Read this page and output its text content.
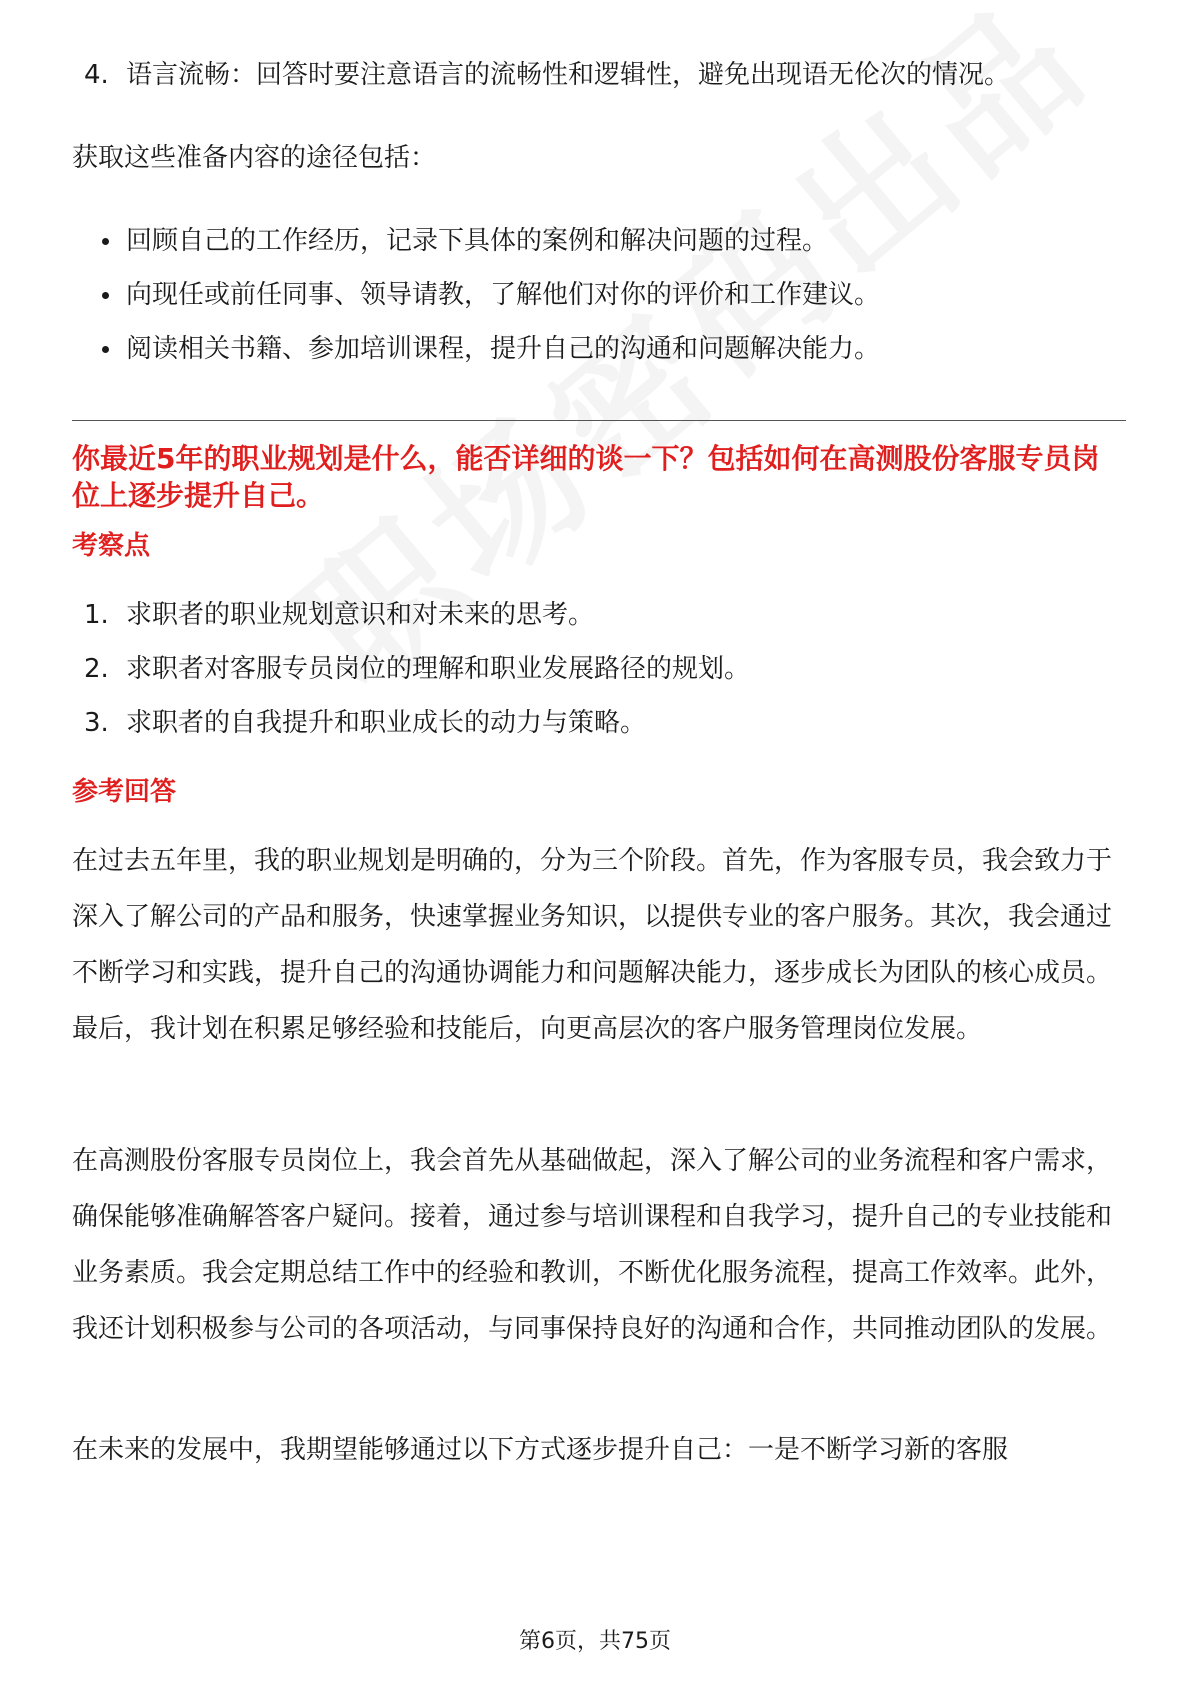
4. 语言流畅：回答时要注意语言的流畅性和逻辑性，避免出现语无伦次的情况。

获取这些准备内容的途径包括：

回顾自己的工作经历，记录下具体的案例和解决问题的过程。

向现任或前任同事、领导请教，了解他们对你的评价和工作建议。

阅读相关书籍、参加培训课程，提升自己的沟通和问题解决能力。

你最近5年的职业规划是什么，能否详细的谈一下？包括如何在高测股份客服专员岗位上逐步提升自己。

考察点

1. 求职者的职业规划意识和对未来的思考。

2. 求职者对客服专员岗位的理解和职业发展路径的规划。

3. 求职者的自我提升和职业成长的动力与策略。

参考回答

在过去五年里，我的职业规划是明确的，分为三个阶段。首先，作为客服专员，我会致力于深入了解公司的产品和服务，快速掌握业务知识，以提供专业的客户服务。其次，我会通过不断学习和实践，提升自己的沟通协调能力和问题解决能力，逐步成长为团队的核心成员。最后，我计划在积累足够经验和技能后，向更高层次的客户服务管理岗位发展。

在高测股份客服专员岗位上，我会首先从基础做起，深入了解公司的业务流程和客户需求，确保能够准确解答客户疑问。接着，通过参与培训课程和自我学习，提升自己的专业技能和业务素质。我会定期总结工作中的经验和教训，不断优化服务流程，提高工作效率。此外，我还计划积极参与公司的各项活动，与同事保持良好的沟通和合作，共同推动团队的发展。

在未来的发展中，我期望能够通过以下方式逐步提升自己：一是不断学习新的客服

第6页，共75页
